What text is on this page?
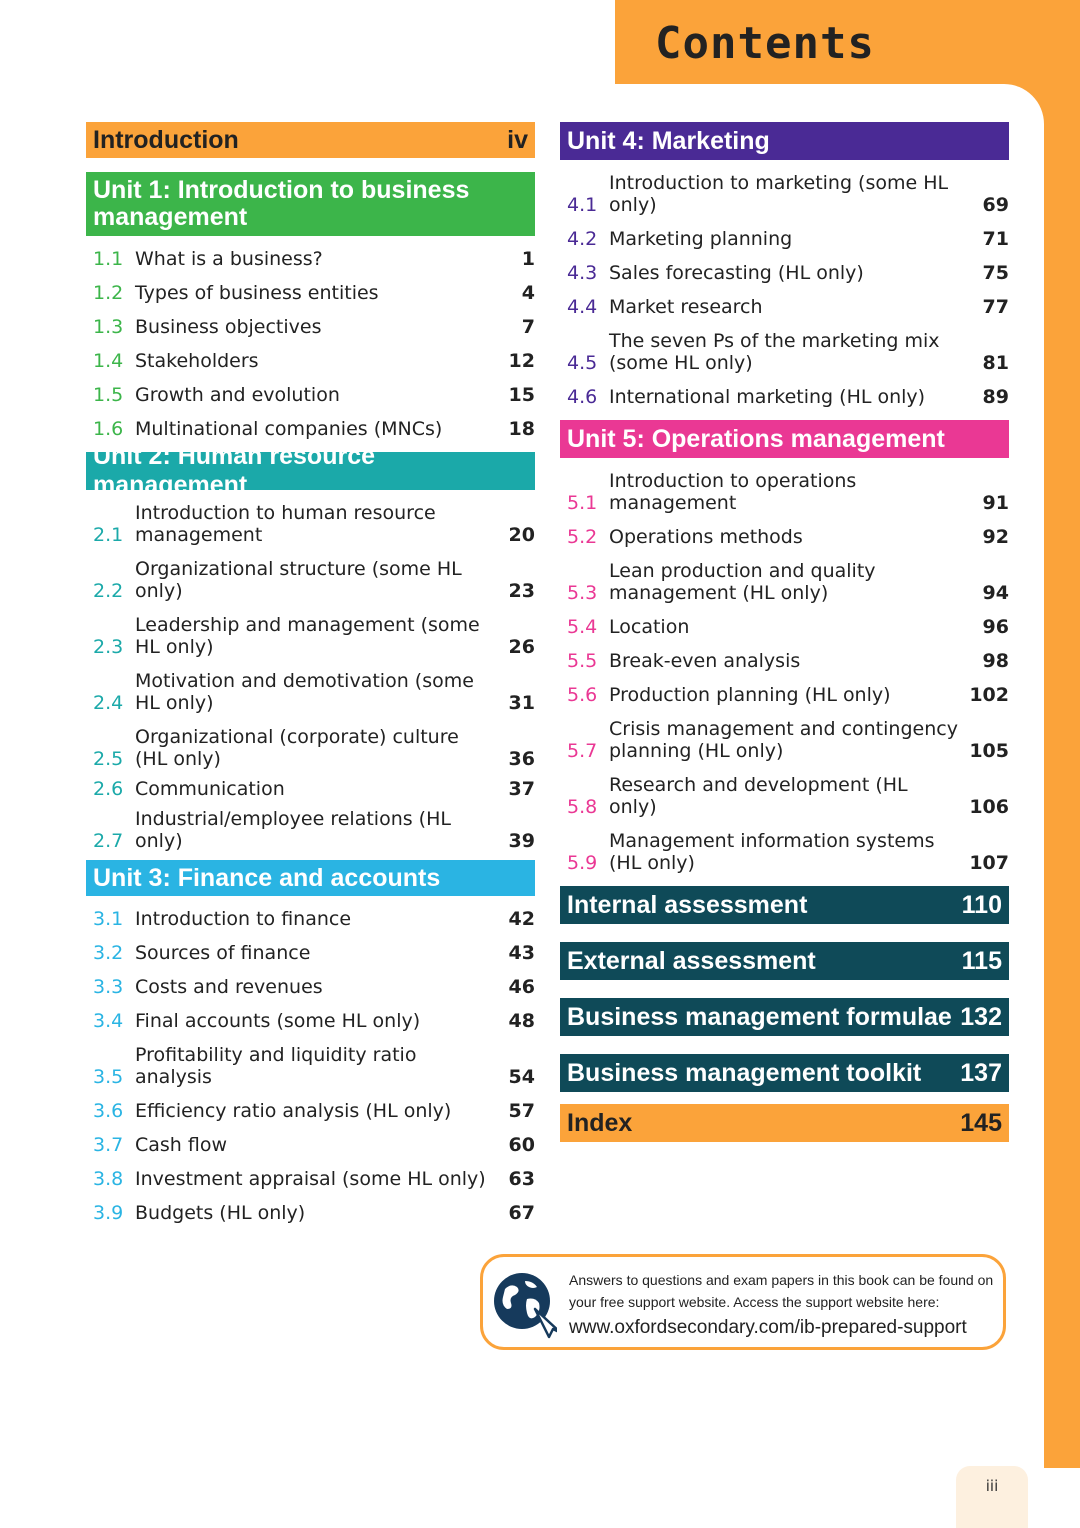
Contents
Introduction	iv
Unit 1: Introduction to business management
1.1 What is a business?	1
1.2 Types of business entities	4
1.3 Business objectives	7
1.4 Stakeholders	12
1.5 Growth and evolution	15
1.6 Multinational companies (MNCs)	18
Unit 2: Human resource management
2.1
Introduction to human resource management	20
2.2
Organizational structure (some HL only)	23
2.3
Leadership and management (some HL only)	26
2.4
Motivation and demotivation (some HL only)	31
2.5
Organizational (corporate) culture (HL only)	36
2.6 Communication	37
2.7
Industrial/employee relations (HL only)	39
Unit 3: Finance and accounts
3.1 Introduction to finance	42
3.2 Sources of finance	43
3.3 Costs and revenues	46
3.4 Final accounts (some HL only)	48
3.5
Profitability and liquidity ratio analysis	54
3.6 Efficiency ratio analysis (HL only)	57
3.7 Cash flow	60
3.8 Investment appraisal (some HL only)	63
3.9 Budgets (HL only)	67
Unit 4: Marketing
4.1
Introduction to marketing (some HL only)	69
4.2 Marketing planning	71
4.3 Sales forecasting (HL only)	75
4.4 Market research	77
4.5
The seven Ps of the marketing mix (some HL only)	81
4.6 International marketing (HL only)	89
Unit 5: Operations management
5.1
Introduction to operations management	91
5.2 Operations methods	92
5.3
Lean production and quality management (HL only)	94
5.4 Location	96
5.5 Break-even analysis	98
5.6 Production planning (HL only)	102
5.7
Crisis management and contingency planning (HL only)	105
5.8
Research and development (HL only)	106
5.9
Management information systems (HL only)	107
Internal assessment	110
External assessment	115
Business management formulae 132
Business management toolkit 137
Index	145
Answers to questions and exam papers in this book can be found on your free support website. Access the support website here:
www.oxfordsecondary.com/ib-prepared-support
iii
